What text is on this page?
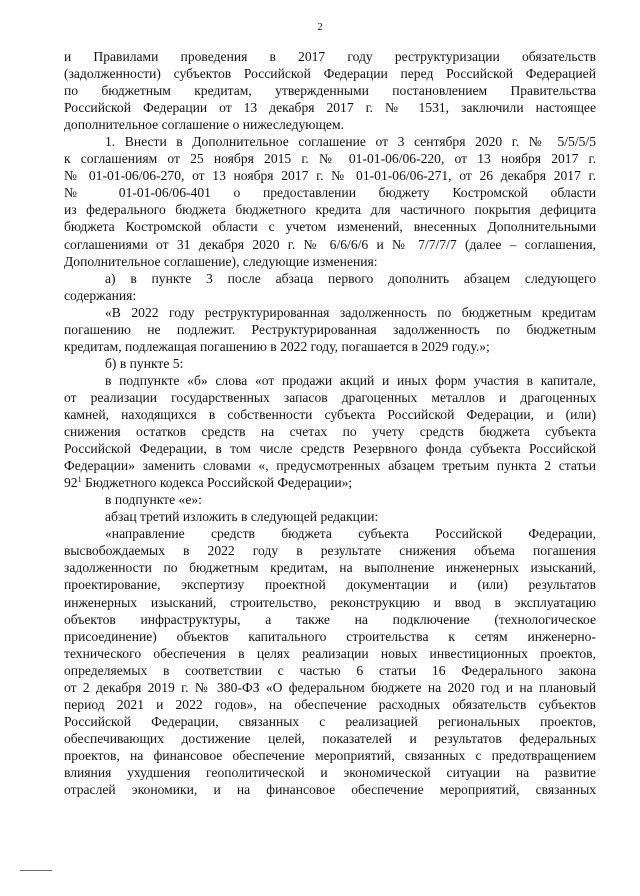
2

и Правилами проведения в 2017 году реструктуризации обязательств

(задолженности) субъектов Российской Федерации перед Российской Федерацией

по бюджетным кредитам, утвержденными постановлением Правительства

Российской Федерации от 13 декабря 2017 г. № 1531, заключили настоящее

дополнительное соглашение о нижеследующем.

1. Внести в Дополнительное соглашение от 3 сентября 2020 г. № 5/5/5/5

к соглашениям от 25 ноября 2015 г. № 01-01-06/06-220, от 13 ноября 2017 г.

№ 01-01-06/06-270, от 13 ноября 2017 г. № 01-01-06/06-271, от 26 декабря 2017 г.

№ 01-01-06/06-401 о предоставлении бюджету Костромской области

из федерального бюджета бюджетного кредита для частичного покрытия дефицита

бюджета Костромской области с учетом изменений, внесенных Дополнительными

соглашениями от 31 декабря 2020 г. № 6/6/6/6 и № 7/7/7/7 (далее – соглашения,

Дополнительное соглашение), следующие изменения:

а) в пункте 3 после абзаца первого дополнить абзацем следующего

содержания:

«В 2022 году реструктурированная задолженность по бюджетным кредитам

погашению не подлежит. Реструктурированная задолженность по бюджетным

кредитам, подлежащая погашению в 2022 году, погашается в 2029 году.»;

б) в пункте 5:

в подпункте «б» слова «от продажи акций и иных форм участия в капитале,

от реализации государственных запасов драгоценных металлов и драгоценных

камней, находящихся в собственности субъекта Российской Федерации, и (или)

снижения остатков средств на счетах по учету средств бюджета субъекта

Российской Федерации, в том числе средств Резервного фонда субъекта Российской

Федерации» заменить словами «, предусмотренных абзацем третьим пункта 2 статьи

$92^1$ Бюджетного кодекса Российской Федерации»;

в подпункте «е»:

абзац третий изложить в следующей редакции:

«направление средств бюджета субъекта Российской Федерации,

высвобождаемых в 2022 году в результате снижения объема погашения

задолженности по бюджетным кредитам, на выполнение инженерных изысканий,

проектирование, экспертизу проектной документации и (или) результатов

инженерных изысканий, строительство, реконструкцию и ввод в эксплуатацию

объектов инфраструктуры, а также на подключение (технологическое

присоединение) объектов капитального строительства к сетям инженерно-

технического обеспечения в целях реализации новых инвестиционных проектов,

определяемых в соответствии с частью 6 статьи 16 Федерального закона

от 2 декабря 2019 г. № 380-ФЗ «О федеральном бюджете на 2020 год и на плановый

период 2021 и 2022 годов», на обеспечение расходных обязательств субъектов

Российской Федерации, связанных с реализацией региональных проектов,

обеспечивающих достижение целей, показателей и результатов федеральных

проектов, на финансовое обеспечение мероприятий, связанных с предотвращением

влияния ухудшения геополитической и экономической ситуации на развитие

отраслей экономики, и на финансовое обеспечение мероприятий, связанных
